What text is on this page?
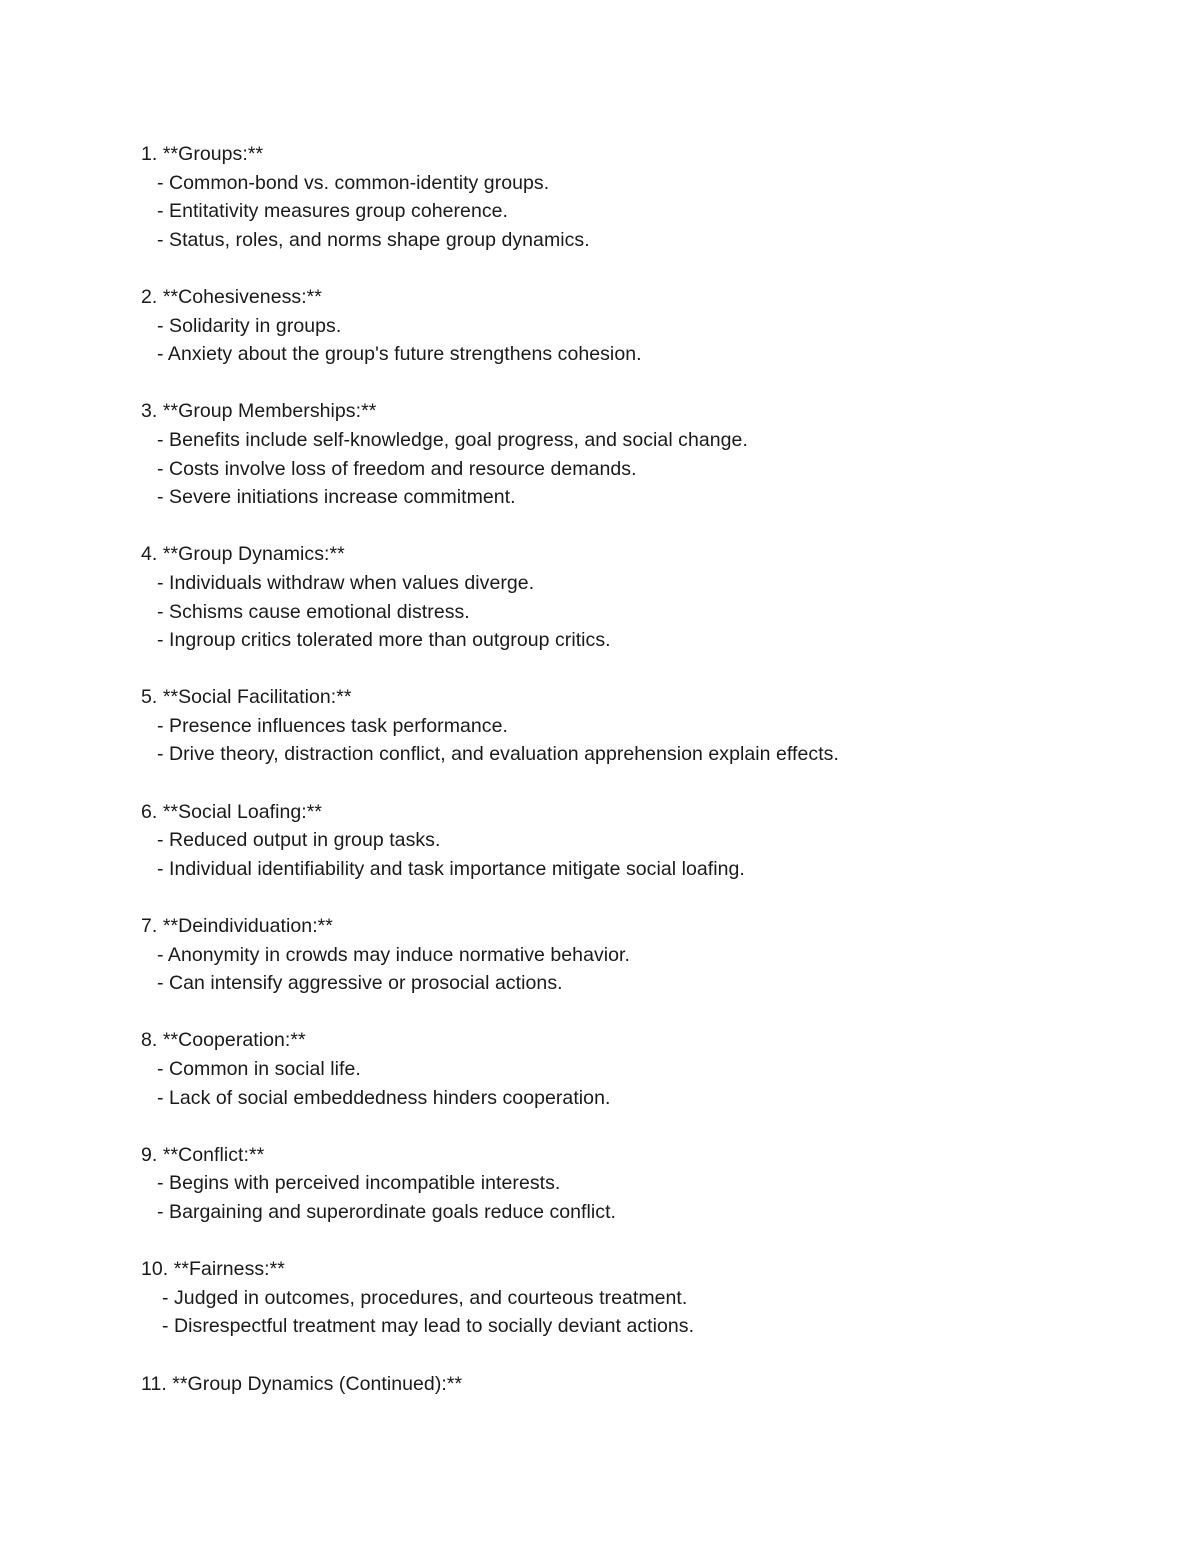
1. **Groups:**
- Common-bond vs. common-identity groups.
- Entitativity measures group coherence.
- Status, roles, and norms shape group dynamics.
2. **Cohesiveness:**
- Solidarity in groups.
- Anxiety about the group's future strengthens cohesion.
3. **Group Memberships:**
- Benefits include self-knowledge, goal progress, and social change.
- Costs involve loss of freedom and resource demands.
- Severe initiations increase commitment.
4. **Group Dynamics:**
- Individuals withdraw when values diverge.
- Schisms cause emotional distress.
- Ingroup critics tolerated more than outgroup critics.
5. **Social Facilitation:**
- Presence influences task performance.
- Drive theory, distraction conflict, and evaluation apprehension explain effects.
6. **Social Loafing:**
- Reduced output in group tasks.
- Individual identifiability and task importance mitigate social loafing.
7. **Deindividuation:**
- Anonymity in crowds may induce normative behavior.
- Can intensify aggressive or prosocial actions.
8. **Cooperation:**
- Common in social life.
- Lack of social embeddedness hinders cooperation.
9. **Conflict:**
- Begins with perceived incompatible interests.
- Bargaining and superordinate goals reduce conflict.
10. **Fairness:**
- Judged in outcomes, procedures, and courteous treatment.
- Disrespectful treatment may lead to socially deviant actions.
11. **Group Dynamics (Continued):**
